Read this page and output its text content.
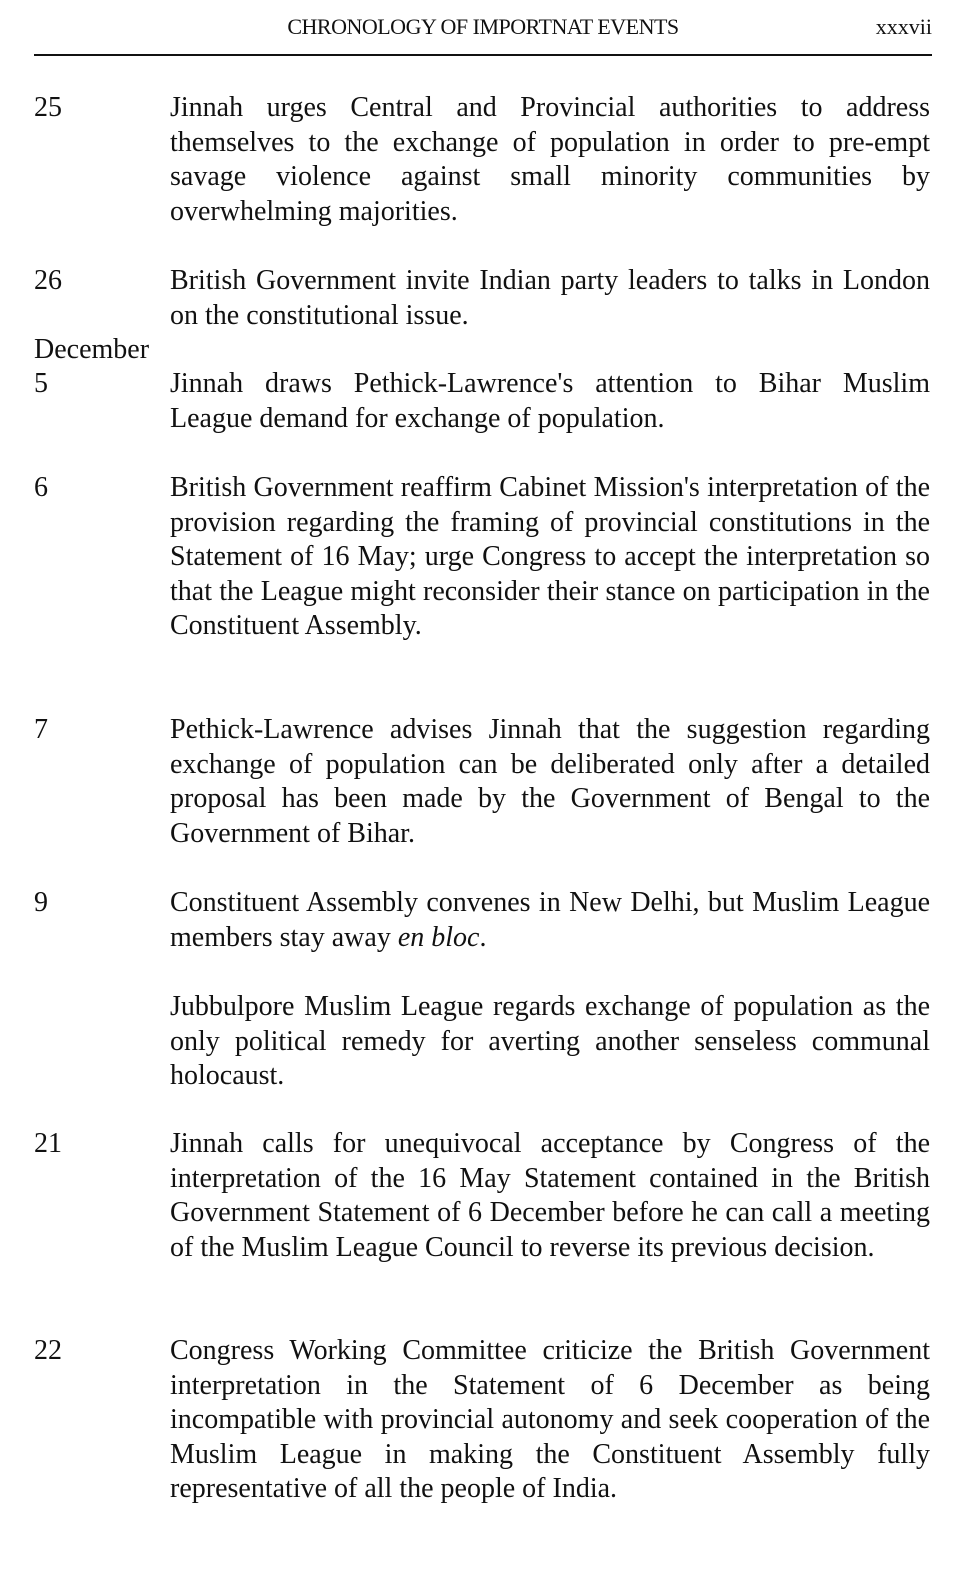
CHRONOLOGY OF IMPORTNAT EVENTS	xxxvii
25	Jinnah urges Central and Provincial authorities to address themselves to the exchange of population in order to pre-empt savage violence against small minority communities by overwhelming majorities.
26	British Government invite Indian party leaders to talks in London on the constitutional issue.
December
5	Jinnah draws Pethick-Lawrence's attention to Bihar Muslim League demand for exchange of population.
6	British Government reaffirm Cabinet Mission's interpretation of the provision regarding the framing of provincial constitutions in the Statement of 16 May; urge Congress to accept the interpretation so that the League might reconsider their stance on participation in the Constituent Assembly.
7	Pethick-Lawrence advises Jinnah that the suggestion regarding exchange of population can be deliberated only after a detailed proposal has been made by the Government of Bengal to the Government of Bihar.
9	Constituent Assembly convenes in New Delhi, but Muslim League members stay away en bloc.
Jubbulpore Muslim League regards exchange of population as the only political remedy for averting another senseless communal holocaust.
21	Jinnah calls for unequivocal acceptance by Congress of the interpretation of the 16 May Statement contained in the British Government Statement of 6 December before he can call a meeting of the Muslim League Council to reverse its previous decision.
22	Congress Working Committee criticize the British Government interpretation in the Statement of 6 December as being incompatible with provincial autonomy and seek cooperation of the Muslim League in making the Constituent Assembly fully representative of all the people of India.
